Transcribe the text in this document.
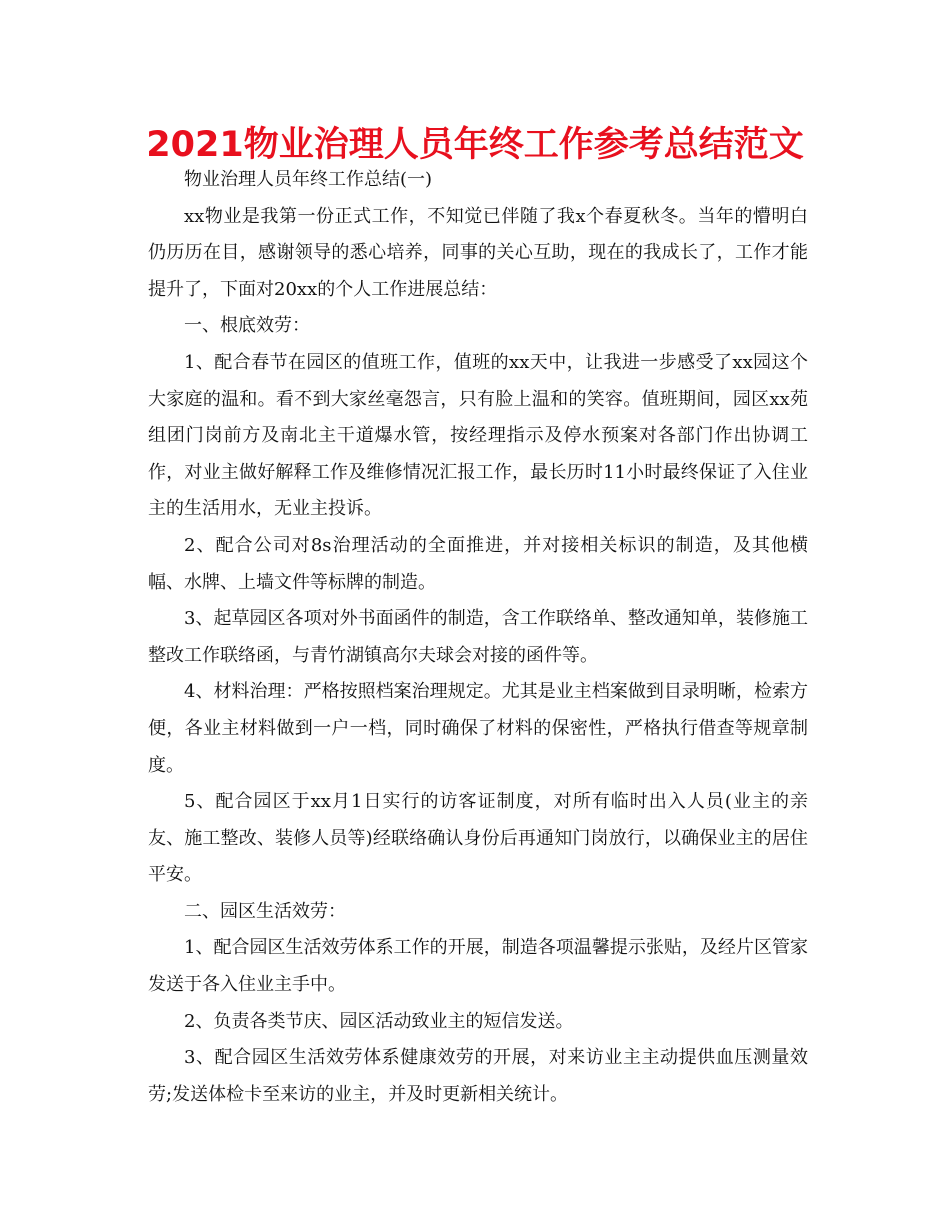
2021物业治理人员年终工作参考总结范文

物业治理人员年终工作总结(一)

xx物业是我第一份正式工作，不知觉已伴随了我x个春夏秋冬。当年的懵明白仍历历在目，感谢领导的悉心培养，同事的关心互助，现在的我成长了，工作才能提升了，下面对20xx的个人工作进展总结：

一、根底效劳：

1、配合春节在园区的值班工作，值班的xx天中，让我进一步感受了xx园这个大家庭的温和。看不到大家丝毫怨言，只有脸上温和的笑容。值班期间，园区xx苑组团门岗前方及南北主干道爆水管，按经理指示及停水预案对各部门作出协调工作，对业主做好解释工作及维修情况汇报工作，最长历时11小时最终保证了入住业主的生活用水，无业主投诉。

2、配合公司对8s治理活动的全面推进，并对接相关标识的制造，及其他横幅、水牌、上墙文件等标牌的制造。

3、起草园区各项对外书面函件的制造，含工作联络单、整改通知单，装修施工整改工作联络函，与青竹湖镇高尔夫球会对接的函件等。

4、材料治理：严格按照档案治理规定。尤其是业主档案做到目录明晰，检索方便，各业主材料做到一户一档，同时确保了材料的保密性，严格执行借查等规章制度。

5、配合园区于xx月1日实行的访客证制度，对所有临时出入人员(业主的亲友、施工整改、装修人员等)经联络确认身份后再通知门岗放行，以确保业主的居住平安。

二、园区生活效劳：

1、配合园区生活效劳体系工作的开展，制造各项温馨提示张贴，及经片区管家发送于各入住业主手中。

2、负责各类节庆、园区活动致业主的短信发送。

3、配合园区生活效劳体系健康效劳的开展，对来访业主主动提供血压测量效劳;发送体检卡至来访的业主，并及时更新相关统计。
